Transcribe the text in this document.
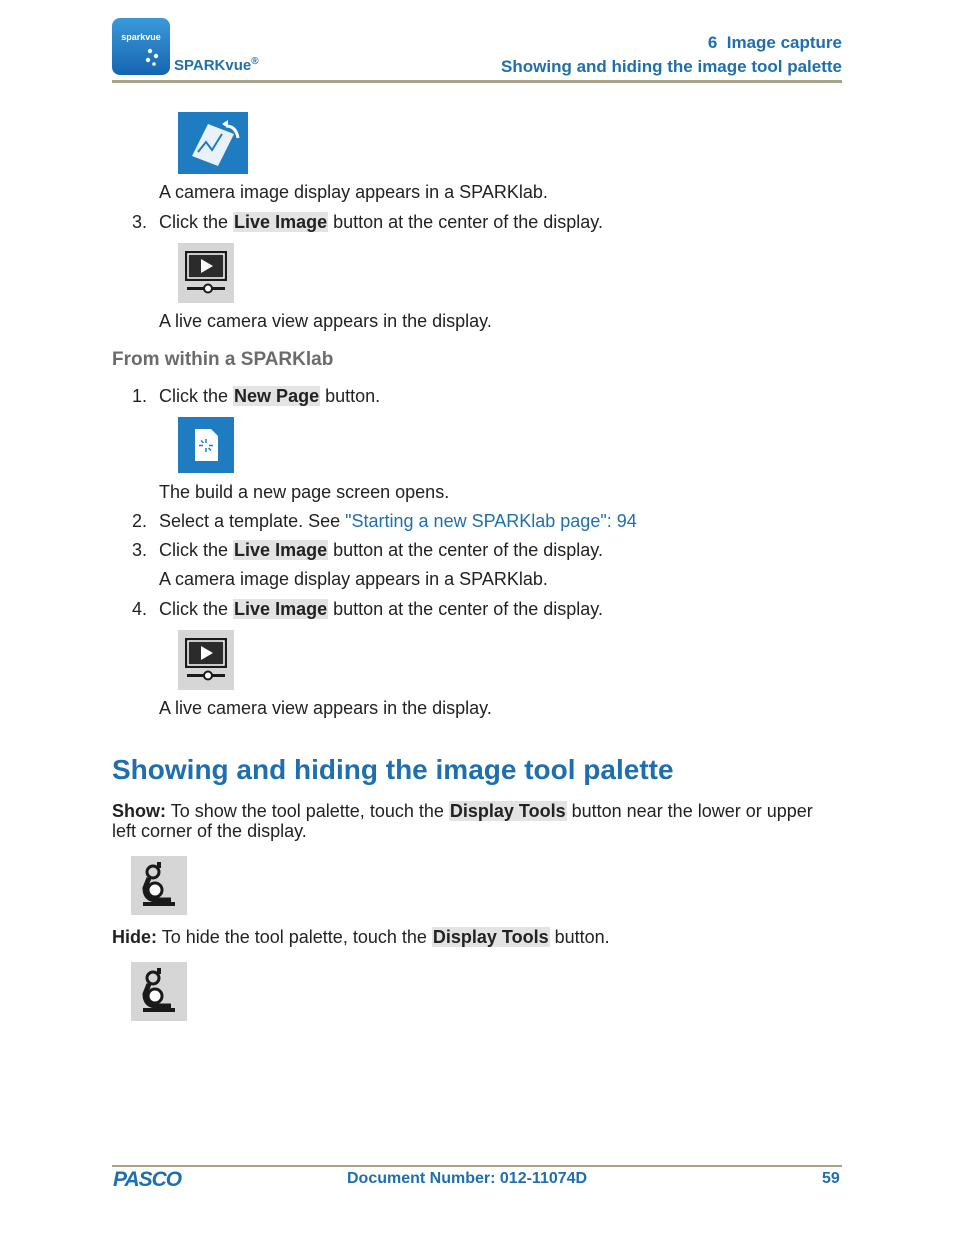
sparkvue
SPARKvue®
6 Image capture
Showing and hiding the image tool palette
A camera image display appears in a SPARKlab.
3. Click the Live Image button at the center of the display.
A live camera view appears in the display.
From within a SPARKlab
1. Click the New Page button.
The build a new page screen opens.
2. Select a template. See "Starting a new SPARKlab page": 94
3. Click the Live Image button at the center of the display.
A camera image display appears in a SPARKlab.
4. Click the Live Image button at the center of the display.
A live camera view appears in the display.
Showing and hiding the image tool palette
Show: To show the tool palette, touch the Display Tools button near the lower or upper
left corner of the display.
Hide: To hide the tool palette, touch the Display Tools button.
PASCO	Document Number: 012-11074D	59
